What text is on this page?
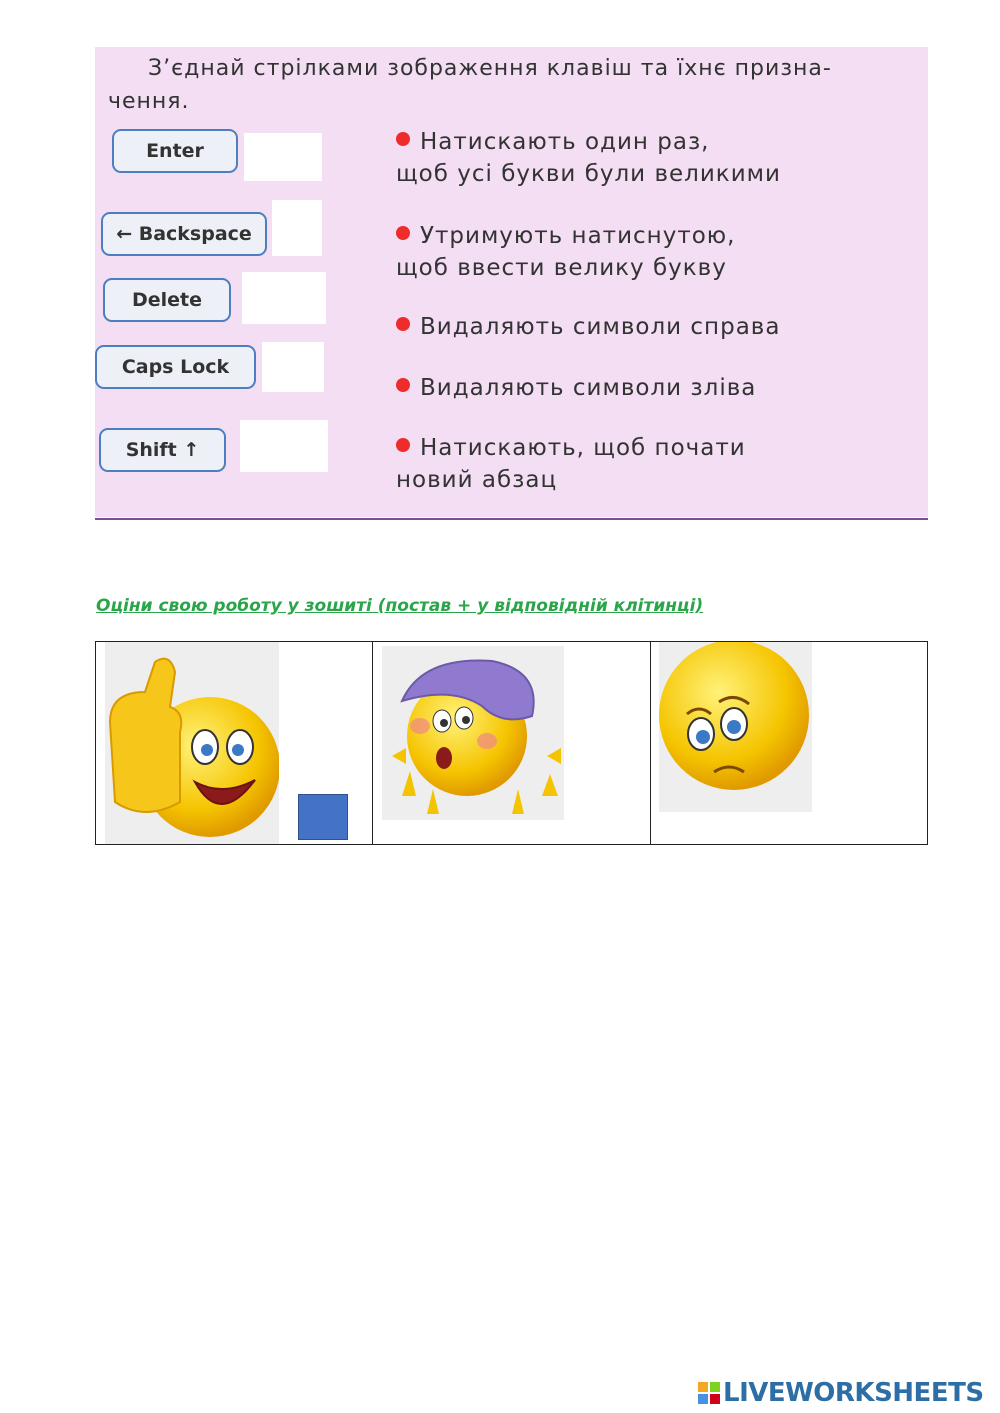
З’єднай стрілками зображення клавіш та їхнє призна-чення.
Enter
← Backspace
Delete
Caps Lock
Shift ↑
Натискають один раз,
щоб усі букви були великими
Утримують натиснутою,
щоб ввести велику букву
Видаляють символи справа
Видаляють символи зліва
Натискають, щоб почати
новий абзац
Оціни свою роботу у зошиті (постав + у відповідній клітинці)

LIVEWORKSHEETS
